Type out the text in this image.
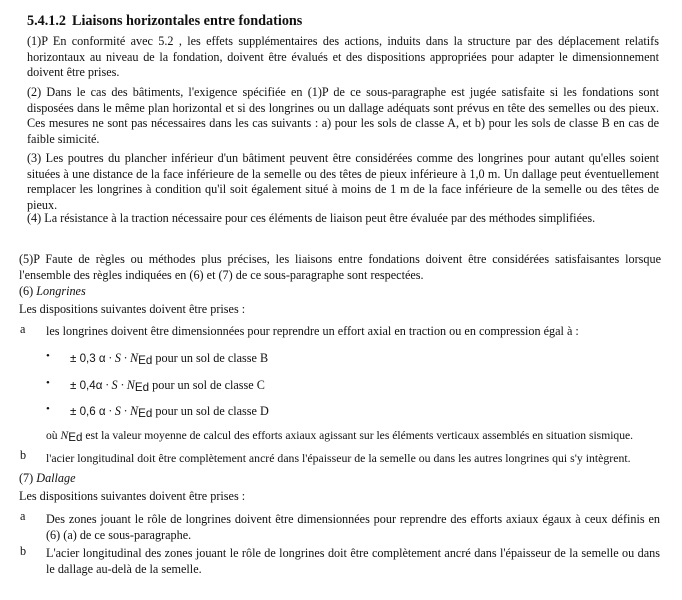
5.4.1.2 Liaisons horizontales entre fondations

(1)P En conformité avec 5.2 , les effets supplémentaires des actions, induits dans la structure par des déplacement relatifs horizontaux au niveau de la fondation, doivent être évalués et des dispositions appropriées pour adapter le dimensionnement doivent être prises.

(2) Dans le cas des bâtiments, l'exigence spécifiée en (1)P de ce sous-paragraphe est jugée satisfaite si les fondations sont disposées dans le même plan horizontal et si des longrines ou un dallage adéquats sont prévus en tête des semelles ou des pieux. Ces mesures ne sont pas nécessaires dans les cas suivants : a) pour les sols de classe A, et b) pour les sols de classe B en cas de faible simicité.

(3) Les poutres du plancher inférieur d'un bâtiment peuvent être considérées comme des longrines pour autant qu'elles soient situées à une distance de la face inférieure de la semelle ou des têtes de pieux inférieure à 1,0 m. Un dallage peut éventuellement remplacer les longrines à condition qu'il soit également situé à moins de 1 m de la face inférieure de la semelle ou des têtes de pieux.

(4) La résistance à la traction nécessaire pour ces éléments de liaison peut être évaluée par des méthodes simplifiées.

(5)P Faute de règles ou méthodes plus précises, les liaisons entre fondations doivent être considérées satisfaisantes lorsque l'ensemble des règles indiquées en (6) et (7) de ce sous-paragraphe sont respectées.

(6) Longrines

Les dispositions suivantes doivent être prises :

a les longrines doivent être dimensionnées pour reprendre un effort axial en traction ou en compression égal à :

• ± 0,3 $\alpha \cdot S \cdot N_{Ed}$ pour un sol de classe B
• ± $0,4\alpha \cdot S \cdot N_{Ed}$ pour un sol de classe C
• ± 0,6 $\alpha \cdot S \cdot N_{Ed}$ pour un sol de classe D

où $N_{Ed}$ est la valeur moyenne de calcul des efforts axiaux agissant sur les éléments verticaux assemblés en situation sismique.

b l'acier longitudinal doit être complètement ancré dans l'épaisseur de la semelle ou dans les autres longrines qui s'y intègrent.

(7) Dallage

Les dispositions suivantes doivent être prises :

a Des zones jouant le rôle de longrines doivent être dimensionnées pour reprendre des efforts axiaux égaux à ceux définis en (6) (a) de ce sous-paragraphe.

b L'acier longitudinal des zones jouant le rôle de longrines doit être complètement ancré dans l'épaisseur de la semelle ou dans le dallage au-delà de la semelle.
